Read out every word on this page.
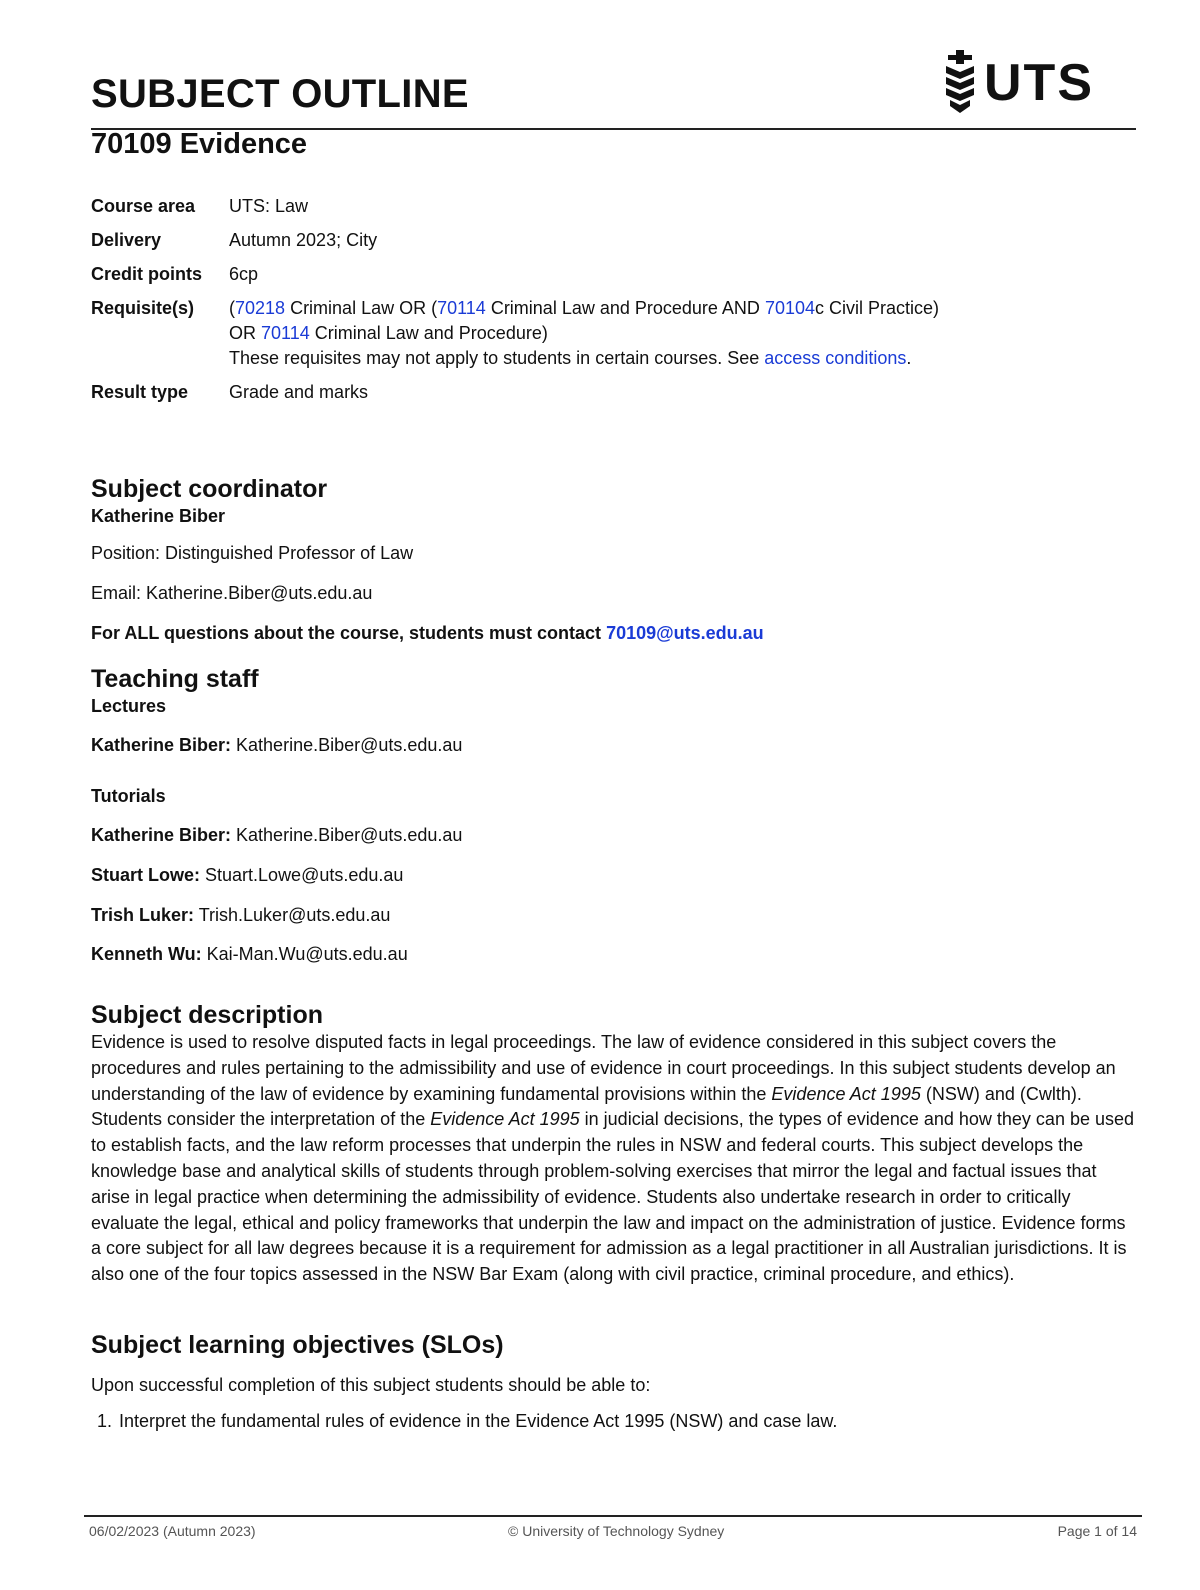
SUBJECT OUTLINE	UTS
70109 Evidence
Course area	UTS: Law
Delivery	Autumn 2023; City
Credit points	6cp
Requisite(s)	(70218 Criminal Law OR (70114 Criminal Law and Procedure AND 70104c Civil Practice) OR 70114 Criminal Law and Procedure)
These requisites may not apply to students in certain courses. See access conditions.
Result type	Grade and marks
Subject coordinator
Katherine Biber

Position: Distinguished Professor of Law

Email: Katherine.Biber@uts.edu.au

For ALL questions about the course, students must contact 70109@uts.edu.au

Teaching staff
Lectures

Katherine Biber: Katherine.Biber@uts.edu.au

Tutorials

Katherine Biber: Katherine.Biber@uts.edu.au

Stuart Lowe: Stuart.Lowe@uts.edu.au

Trish Luker: Trish.Luker@uts.edu.au

Kenneth Wu: Kai-Man.Wu@uts.edu.au

Subject description

Evidence is used to resolve disputed facts in legal proceedings. The law of evidence considered in this subject covers the procedures and rules pertaining to the admissibility and use of evidence in court proceedings. In this subject students develop an understanding of the law of evidence by examining fundamental provisions within the Evidence Act 1995 (NSW) and (Cwlth). Students consider the interpretation of the Evidence Act 1995 in judicial decisions, the types of evidence and how they can be used to establish facts, and the law reform processes that underpin the rules in NSW and federal courts. This subject develops the knowledge base and analytical skills of students through problem-solving exercises that mirror the legal and factual issues that arise in legal practice when determining the admissibility of evidence. Students also undertake research in order to critically evaluate the legal, ethical and policy frameworks that underpin the law and impact on the administration of justice. Evidence forms a core subject for all law degrees because it is a requirement for admission as a legal practitioner in all Australian jurisdictions. It is also one of the four topics assessed in the NSW Bar Exam (along with civil practice, criminal procedure, and ethics).

Subject learning objectives (SLOs)

Upon successful completion of this subject students should be able to:

1. Interpret the fundamental rules of evidence in the Evidence Act 1995 (NSW) and case law.

06/02/2023 (Autumn 2023)	© University of Technology Sydney	Page 1 of 14
